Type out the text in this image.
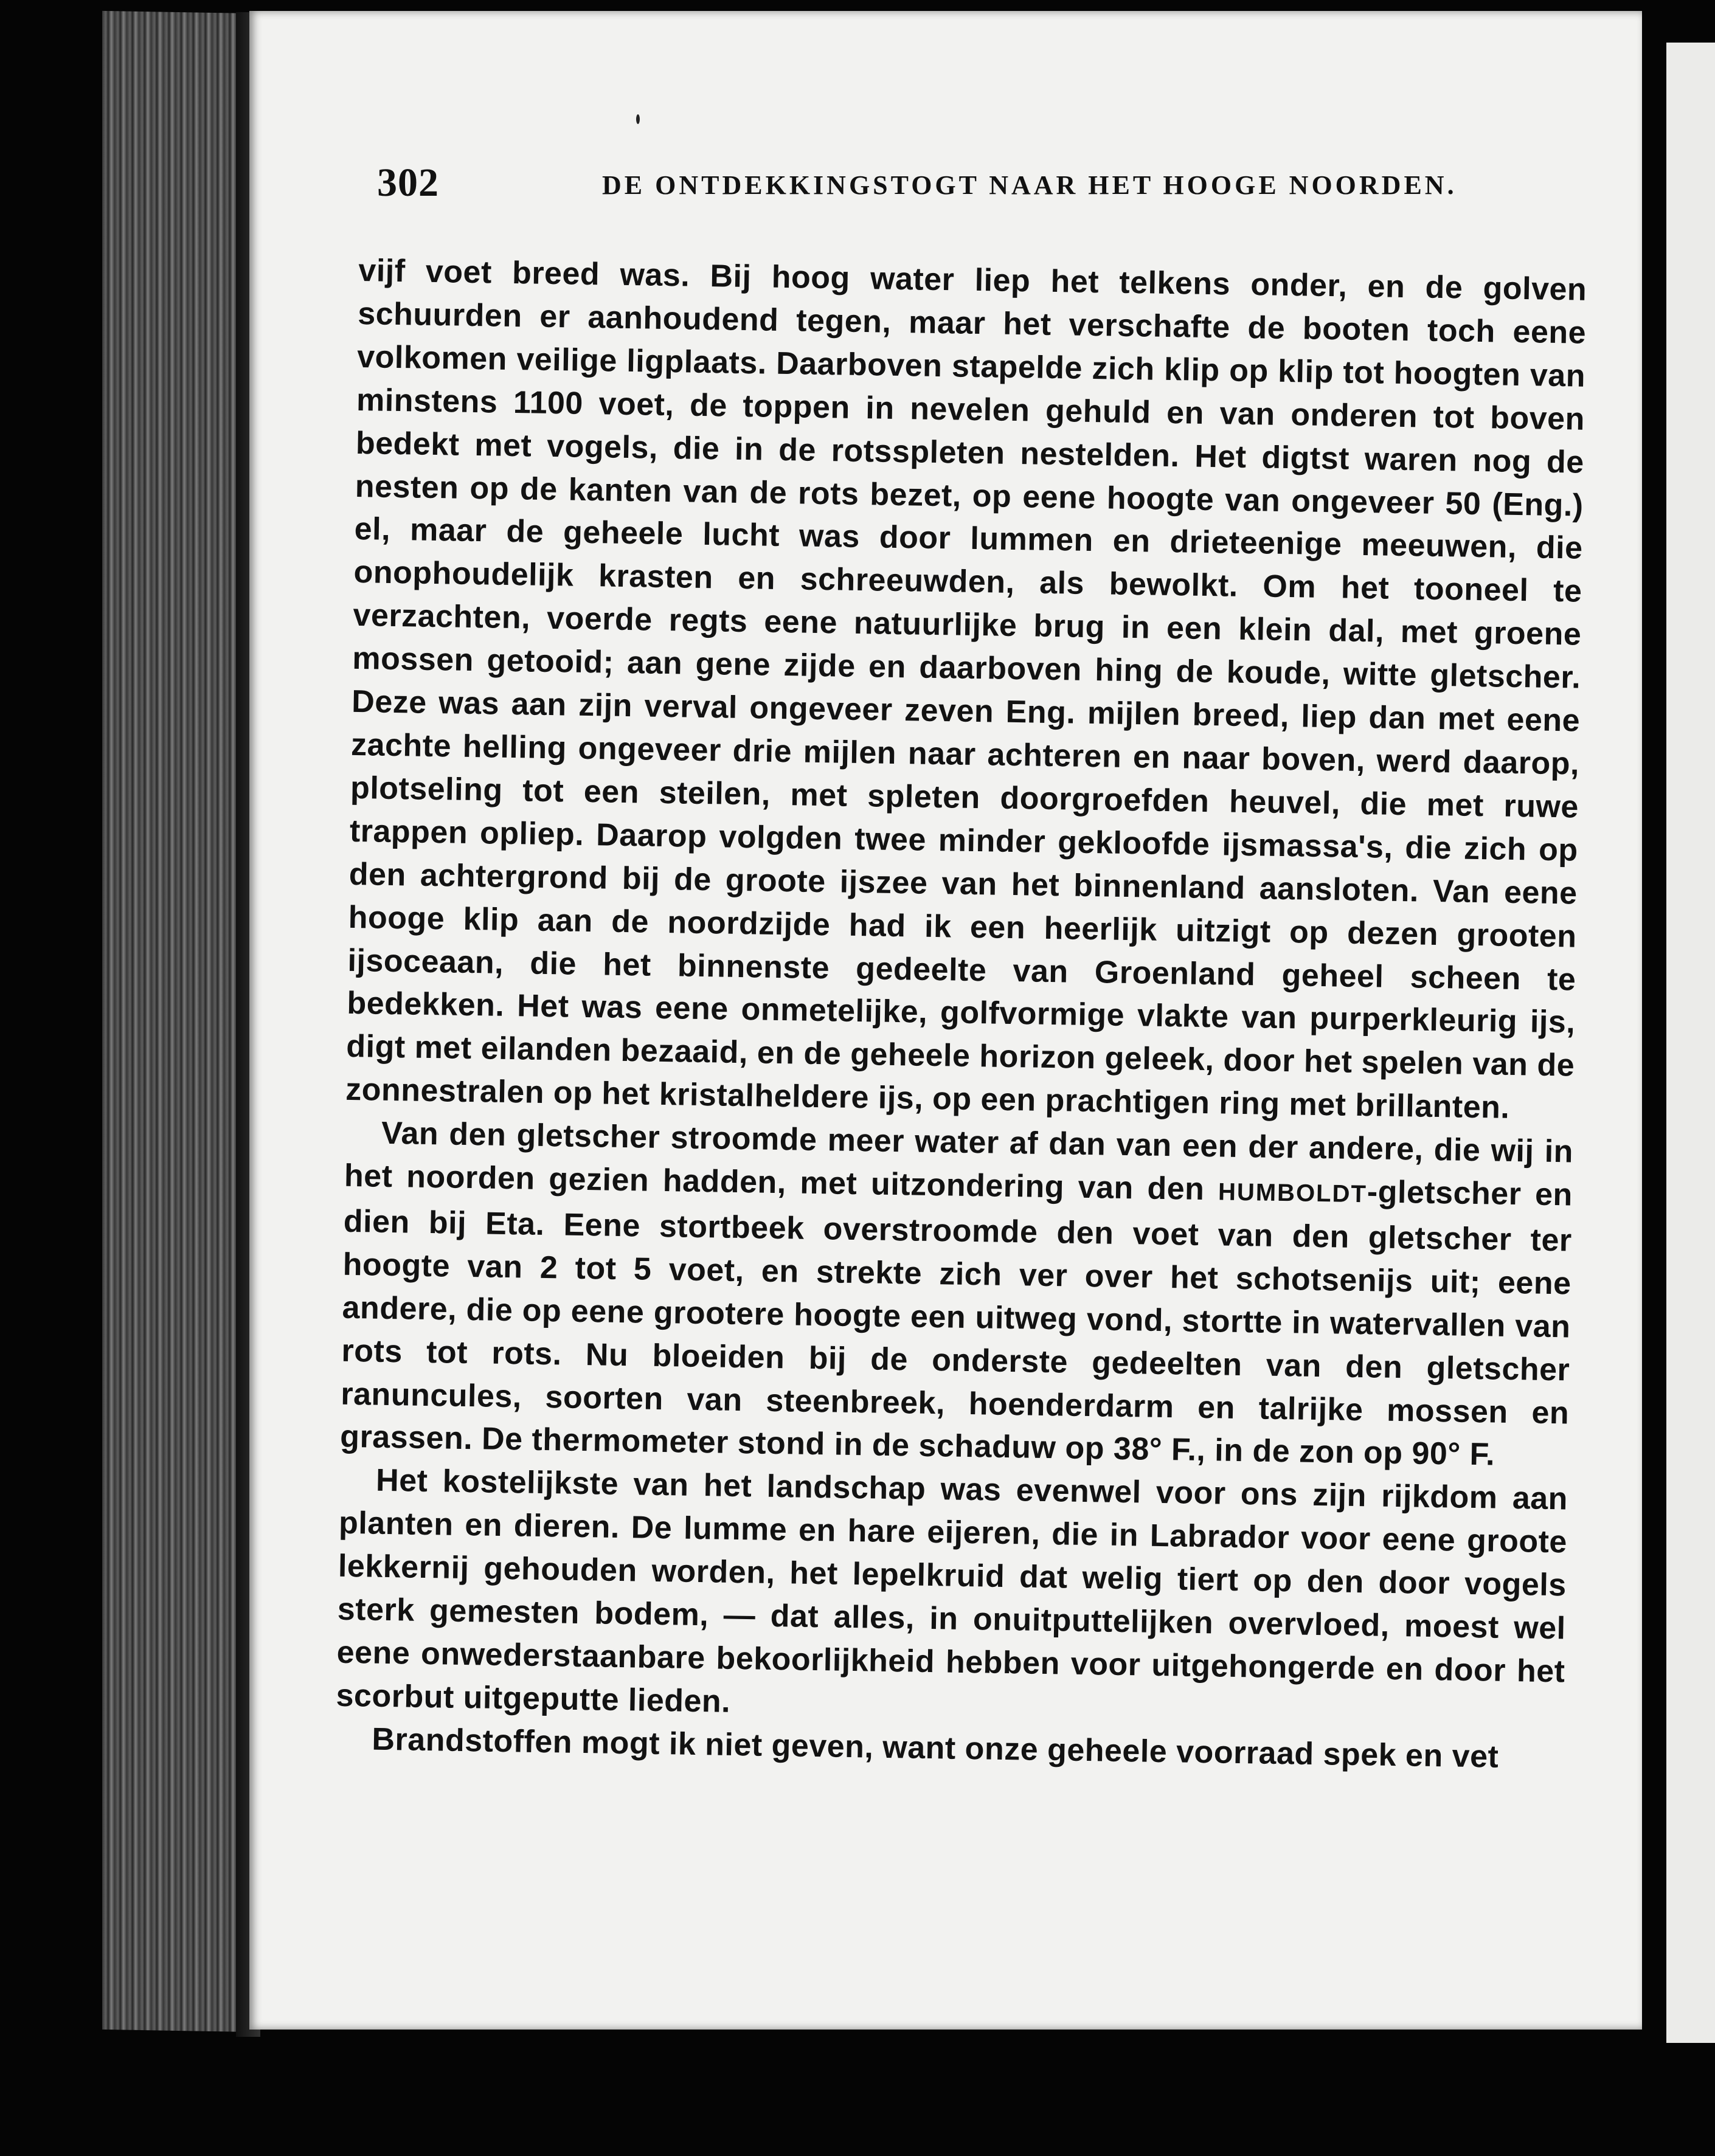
302	DE ONTDEKKINGSTOGT NAAR HET HOOGE NOORDEN.

vijf voet breed was. Bij hoog water liep het telkens onder, en de golven schuurden er aanhoudend tegen, maar het verschafte de booten toch eene volkomen veilige ligplaats. Daarboven stapelde zich klip op klip tot hoogten van minstens 1100 voet, de toppen in nevelen gehuld en van onderen tot boven bedekt met vogels, die in de rotsspleten nestelden. Het digtst waren nog de nesten op de kanten van de rots bezet, op eene hoogte van ongeveer 50 (Eng.) el, maar de geheele lucht was door lummen en drieteenige meeuwen, die onophoudelijk krasten en schreeuwden, als bewolkt. Om het tooneel te verzachten, voerde regts eene natuurlijke brug in een klein dal, met groene mossen getooid; aan gene zijde en daarboven hing de koude, witte gletscher. Deze was aan zijn verval ongeveer zeven Eng. mijlen breed, liep dan met eene zachte helling ongeveer drie mijlen naar achteren en naar boven, werd daarop, plotseling tot een steilen, met spleten doorgroefden heuvel, die met ruwe trappen opliep. Daarop volgden twee minder gekloofde ijsmassa's, die zich op den achtergrond bij de groote ijszee van het binnenland aansloten. Van eene hooge klip aan de noordzijde had ik een heerlijk uitzigt op dezen grooten ijsoceaan, die het binnenste gedeelte van Groenland geheel scheen te bedekken. Het was eene onmetelijke, golfvormige vlakte van purperkleurig ijs, digt met eilanden bezaaid, en de geheele horizon geleek, door het spelen van de zonnestralen op het kristalheldere ijs, op een prachtigen ring met brillanten.

Van den gletscher stroomde meer water af dan van een der andere, die wij in het noorden gezien hadden, met uitzondering van den HUMBOLDT-gletscher en dien bij Eta. Eene stortbeek overstroomde den voet van den gletscher ter hoogte van 2 tot 5 voet, en strekte zich ver over het schotsenijs uit; eene andere, die op eene grootere hoogte een uitweg vond, stortte in watervallen van rots tot rots. Nu bloeiden bij de onderste gedeelten van den gletscher ranuncules, soorten van steenbreek, hoenderdarm en talrijke mossen en grassen. De thermometer stond in de schaduw op 38° F., in de zon op 90° F.

Het kostelijkste van het landschap was evenwel voor ons zijn rijkdom aan planten en dieren. De lumme en hare eijeren, die in Labrador voor eene groote lekkernij gehouden worden, het lepelkruid dat welig tiert op den door vogels sterk gemesten bodem, — dat alles, in onuitputtelijken overvloed, moest wel eene onwederstaanbare bekoorlijkheid hebben voor uitgehongerde en door het scorbut uitgeputte lieden.

Brandstoffen mogt ik niet geven, want onze geheele voorraad spek en vet
